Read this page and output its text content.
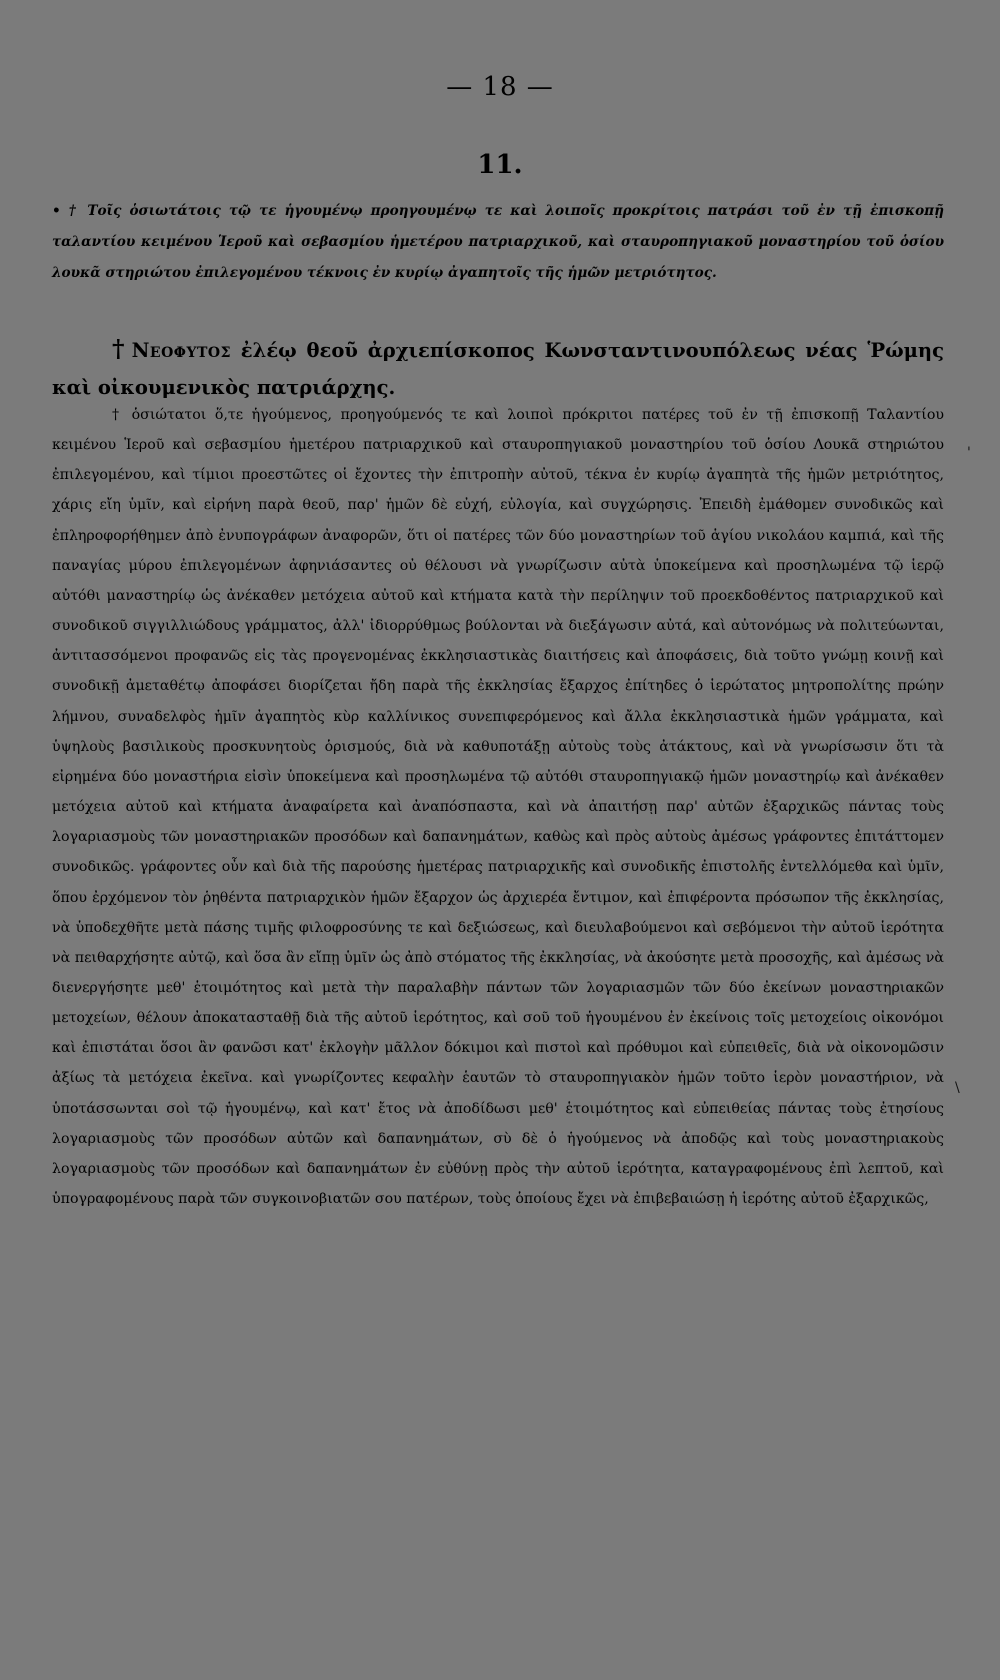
— 18 —
11.
• † Τοῖς ὁσιωτάτοις τῷ τε ἡγουμένῳ προηγουμένῳ τε καὶ λοιποῖς προκρίτοις πατράσι τοῦ ἐν τῇ ἐπισκοπῇ ταλαντίου κειμένου Ἱεροῦ καὶ σεβασμίου ἡμετέρου πατριαρχικοῦ, καὶ σταυροπηγιακοῦ μοναστηρίου τοῦ ὁσίου λουκᾶ στηριώτου ἐπιλεγομένου τέκνοις ἐν κυρίῳ ἀγαπητοῖς τῆς ἡμῶν μετριότητος.
† Νεοφυτος ἐλέῳ θεοῦ ἀρχιεπίσκοπος Κωνσταντινουπόλεως νέας Ῥώμης καὶ οἰκουμενικὸς πατριάρχης.

† ὁσιώτατοι ὅ,τε ἡγούμενος, προηγούμενός τε καὶ λοιποὶ πρόκριτοι πατέρες τοῦ ἐν τῇ ἐπισκοπῇ Ταλαντίου κειμένου Ἱεροῦ καὶ σεβασμίου ἡμετέρου πατριαρχικοῦ καὶ σταυροπηγιακοῦ μοναστηρίου τοῦ ὁσίου Λουκᾶ στηριώτου ἐπιλεγομένου, καὶ τίμιοι προεστῶτες οἱ ἔχοντες τὴν ἐπιτροπὴν αὐτοῦ, τέκνα ἐν κυρίῳ ἀγαπητὰ τῆς ἡμῶν μετριότητος, χάρις εἴη ὑμῖν, καὶ εἰρήνη παρὰ θεοῦ, παρ' ἡμῶν δὲ εὐχή, εὐλογία, καὶ συγχώρησις. Ἐπειδὴ ἐμάθομεν συνοδικῶς καὶ ἐπληροφορήθημεν ἀπὸ ἐνυπογράφων ἀναφορῶν, ὅτι οἱ πατέρες τῶν δύο μοναστηρίων τοῦ ἁγίου νικολάου καμπιά, καὶ τῆς παναγίας μύρου ἐπιλεγομένων ἀφηνιάσαντες οὐ θέλουσι νὰ γνωρίζωσιν αὐτὰ ὑποκείμενα καὶ προσηλωμένα τῷ ἱερῷ αὐτόθι μαναστηρίῳ ὡς ἀνέκαθεν μετόχεια αὐτοῦ καὶ κτήματα κατὰ τὴν περίληψιν τοῦ προεκδοθέντος πατριαρχικοῦ καὶ συνοδικοῦ σιγγιλλιώδους γράμματος, ἀλλ' ἰδιορρύθμως βούλονται νὰ διεξάγωσιν αὐτά, καὶ αὐτονόμως νὰ πολιτεύωνται, ἀντιτασσόμενοι προφανῶς εἰς τὰς προγενομένας ἐκκλησιαστικὰς διαιτήσεις καὶ ἀποφάσεις, διὰ τοῦτο γνώμῃ κοινῇ καὶ συνοδικῇ ἀμεταθέτῳ ἀποφάσει διορίζεται ἤδη παρὰ τῆς ἐκκλησίας ἔξαρχος ἐπίτηδες ὁ ἱερώτατος μητροπολίτης πρώην λήμνου, συναδελφὸς ἡμῖν ἀγαπητὸς κὺρ καλλίνικος συνεπιφερόμενος καὶ ἄλλα ἐκκλησιαστικὰ ἡμῶν γράμματα, καὶ ὑψηλοὺς βασιλικοὺς προσκυνητοὺς ὁρισμούς, διὰ νὰ καθυποτάξῃ αὐτοὺς τοὺς ἀτάκτους, καὶ νὰ γνωρίσωσιν ὅτι τὰ εἰρημένα δύο μοναστήρια εἰσὶν ὑποκείμενα καὶ προσηλωμένα τῷ αὐτόθι σταυροπηγιακῷ ἡμῶν μοναστηρίῳ καὶ ἀνέκαθεν μετόχεια αὐτοῦ καὶ κτήματα ἀναφαίρετα καὶ ἀναπόσπαστα, καὶ νὰ ἀπαιτήσῃ παρ' αὐτῶν ἐξαρχικῶς πάντας τοὺς λογαριασμοὺς τῶν μοναστηριακῶν προσόδων καὶ δαπανημάτων, καθὼς καὶ πρὸς αὐτοὺς ἀμέσως γράφοντες ἐπιτάττομεν συνοδικῶς. γράφοντες οὖν καὶ διὰ τῆς παρούσης ἡμετέρας πατριαρχικῆς καὶ συνοδικῆς ἐπιστολῆς ἐντελλόμεθα καὶ ὑμῖν, ὅπου ἐρχόμενον τὸν ῥηθέντα πατριαρχικὸν ἡμῶν ἔξαρχον ὡς ἀρχιερέα ἔντιμον, καὶ ἐπιφέροντα πρόσωπον τῆς ἐκκλησίας, νὰ ὑποδεχθῆτε μετὰ πάσης τιμῆς φιλοφροσύνης τε καὶ δεξιώσεως, καὶ διευλαβούμενοι καὶ σεβόμενοι τὴν αὐτοῦ ἱερότητα νὰ πειθαρχήσητε αὐτῷ, καὶ ὅσα ἂν εἴπῃ ὑμῖν ὡς ἀπὸ στόματος τῆς ἐκκλησίας, νὰ ἀκούσητε μετὰ προσοχῆς, καὶ ἀμέσως νὰ διενεργήσητε μεθ' ἑτοιμότητος καὶ μετὰ τὴν παραλαβὴν πάντων τῶν λογαριασμῶν τῶν δύο ἐκείνων μοναστηριακῶν μετοχείων, θέλουν ἀποκατασταθῇ διὰ τῆς αὐτοῦ ἱερότητος, καὶ σοῦ τοῦ ἡγουμένου ἐν ἐκείνοις τοῖς μετοχείοις οἰκονόμοι καὶ ἐπιστάται ὅσοι ἂν φανῶσι κατ' ἐκλογὴν μᾶλλον δόκιμοι καὶ πιστοὶ καὶ πρόθυμοι καὶ εὐπειθεῖς, διὰ νὰ οἰκονομῶσιν ἀξίως τὰ μετόχεια ἐκεῖνα. καὶ γνωρίζοντες κεφαλὴν ἑαυτῶν τὸ σταυροπηγιακὸν ἡμῶν τοῦτο ἱερὸν μοναστήριον, νὰ ὑποτάσσωνται σοὶ τῷ ἡγουμένῳ, καὶ κατ' ἔτος νὰ ἀποδίδωσι μεθ' ἑτοιμότητος καὶ εὐπειθείας πάντας τοὺς ἐτησίους λογαριασμοὺς τῶν προσόδων αὐτῶν καὶ δαπανημάτων, σὺ δὲ ὁ ἡγούμενος νὰ ἀποδῷς καὶ τοὺς μοναστηριακοὺς λογαριασμοὺς τῶν προσόδων καὶ δαπανημάτων ἐν εὐθύνῃ πρὸς τὴν αὐτοῦ ἱερότητα, καταγραφομένους ἐπὶ λεπτοῦ, καὶ ὑπογραφομένους παρὰ τῶν συγκοινοβιατῶν σου πατέρων, τοὺς ὁποίους ἔχει νὰ ἐπιβεβαιώσῃ ἡ ἱερότης αὐτοῦ ἐξαρχικῶς,

'
\
